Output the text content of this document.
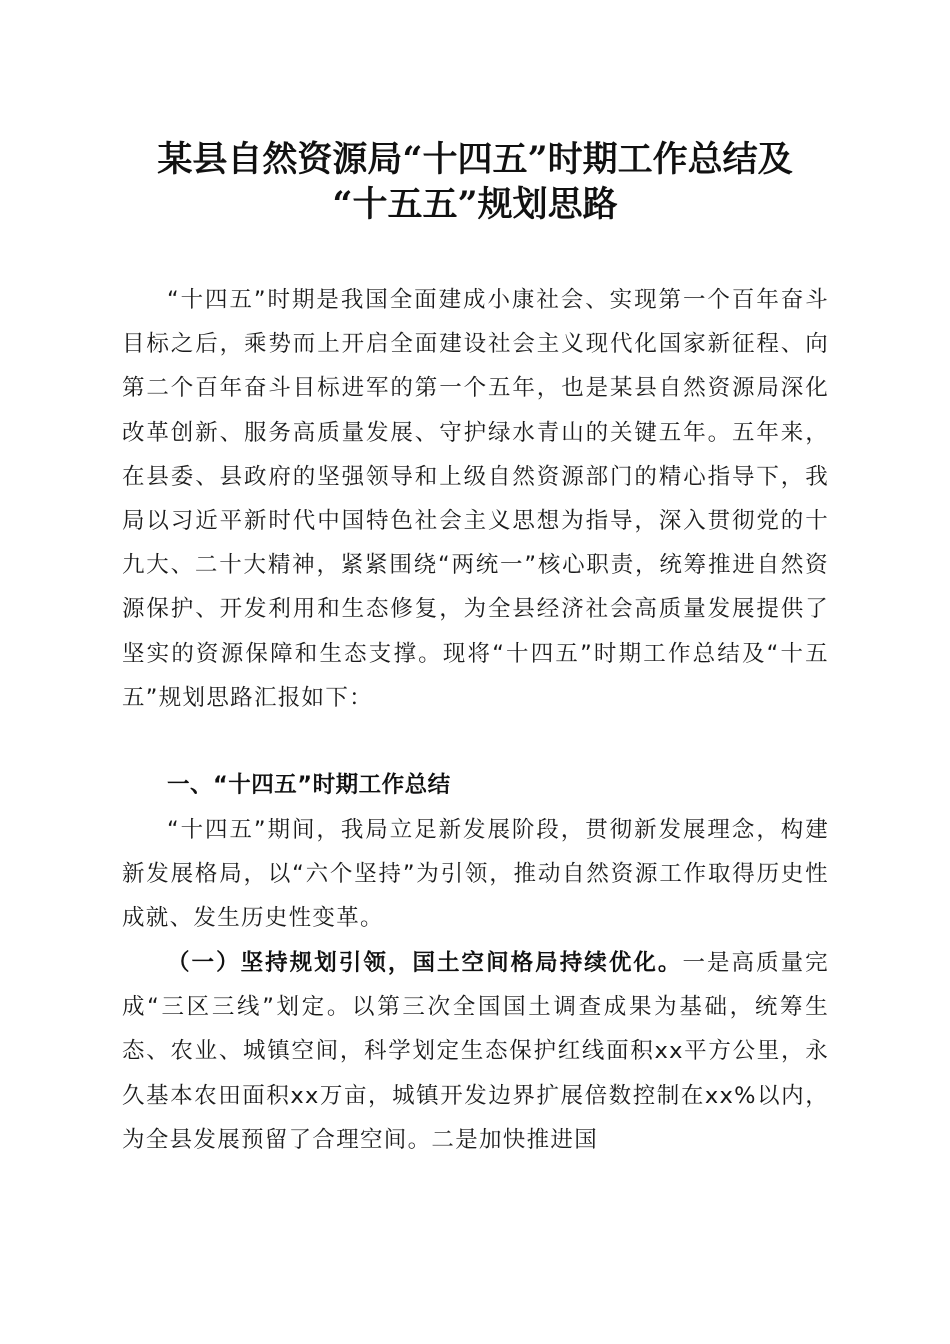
某县自然资源局“十四五”时期工作总结及
“十五五”规划思路

“十四五”时期是我国全面建成小康社会、实现第一个百年奋斗目标之后，乘势而上开启全面建设社会主义现代化国家新征程、向第二个百年奋斗目标进军的第一个五年，也是某县自然资源局深化改革创新、服务高质量发展、守护绿水青山的关键五年。五年来，在县委、县政府的坚强领导和上级自然资源部门的精心指导下，我局以习近平新时代中国特色社会主义思想为指导，深入贯彻党的十九大、二十大精神，紧紧围绕“两统一”核心职责，统筹推进自然资源保护、开发利用和生态修复，为全县经济社会高质量发展提供了坚实的资源保障和生态支撑。现将“十四五”时期工作总结及“十五五”规划思路汇报如下：

一、“十四五”时期工作总结

“十四五”期间，我局立足新发展阶段，贯彻新发展理念，构建新发展格局，以“六个坚持”为引领，推动自然资源工作取得历史性成就、发生历史性变革。

（一）坚持规划引领，国土空间格局持续优化。一是高质量完成“三区三线”划定。以第三次全国国土调查成果为基础，统筹生态、农业、城镇空间，科学划定生态保护红线面积xx平方公里，永久基本农田面积xx万亩，城镇开发边界扩展倍数控制在xx%以内，为全县发展预留了合理空间。二是加快推进国
